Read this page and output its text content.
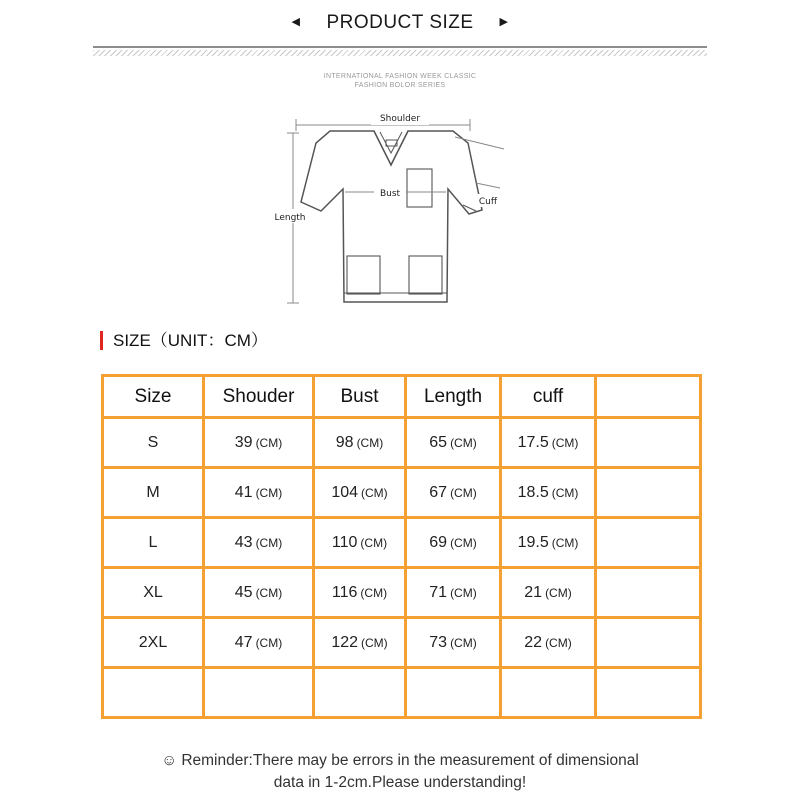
◀ PRODUCT SIZE ▶
INTERNATIONAL FASHION WEEK CLASSIC
FASHION BOLOR SERIES
Shoulder
Bust
Length
Cuff
SIZE（UNIT：CM）
Size	Shouder	Bust	Length	cuff	
S	39 (CM)	98 (CM)	65 (CM)	17.5 (CM)	
M	41 (CM)	104 (CM)	67 (CM)	18.5 (CM)	
L	43 (CM)	110 (CM)	69 (CM)	19.5 (CM)	
XL	45 (CM)	116 (CM)	71 (CM)	21 (CM)	
2XL	47 (CM)	122 (CM)	73 (CM)	22 (CM)	

☺ Reminder:There may be errors in the measurement of dimensional
data in 1-2cm.Please understanding!
